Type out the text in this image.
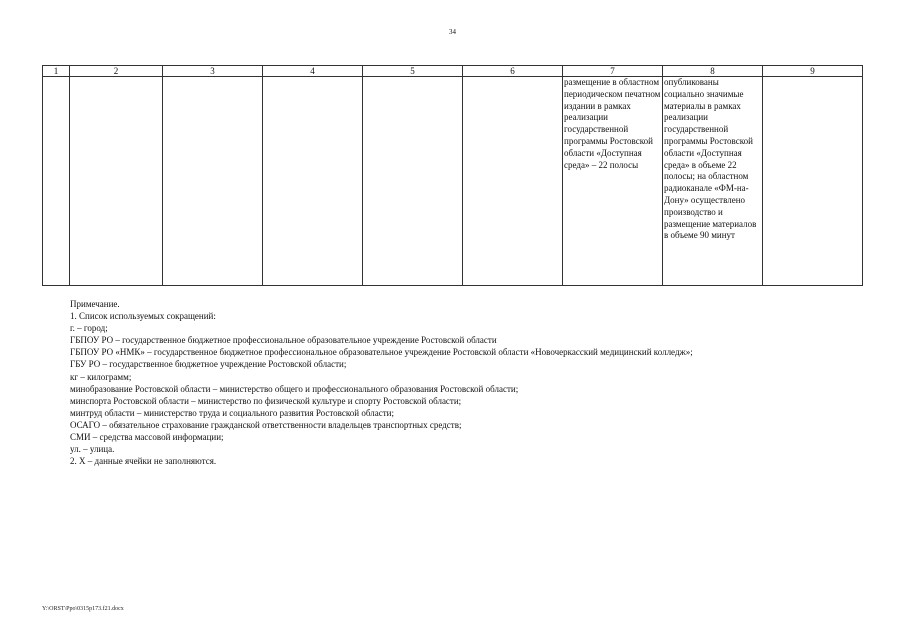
34
1	2	3	4	5	6	7	8	9
						размещение в областном периодическом печатном издании в рамках реализации государственной программы Ростовской области «Доступная среда» – 22 полосы	опубликованы социально значимые материалы в рамках реализации государственной программы Ростовской области «Доступная среда» в объеме 22 полосы; на областном радиоканале «ФМ-на-Дону» осуществлено производство и размещение материалов в объеме 90 минут	
Примечание.
1. Список используемых сокращений:
г. – город;
ГБПОУ РО – государственное бюджетное профессиональное образовательное учреждение Ростовской области
ГБПОУ РО «НМК» – государственное бюджетное профессиональное образовательное учреждение Ростовской области «Новочеркасский медицинский колледж»;
ГБУ РО – государственное бюджетное учреждение Ростовской области;
кг – килограмм;
минобразование Ростовской области – министерство общего и профессионального образования Ростовской области;
минспорта Ростовской области – министерство по физической культуре и спорту Ростовской области;
минтруд области – министерство труда и социального развития Ростовской области;
ОСАГО – обязательное страхование гражданской ответственности владельцев транспортных средств;
СМИ – средства массовой информации;
ул. – улица.
2. Х – данные ячейки не заполняются.
Y:\ORST\Ppo\0315p173.f21.docx
